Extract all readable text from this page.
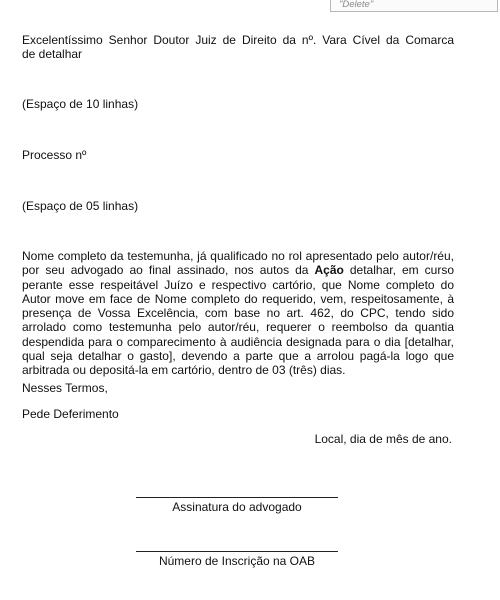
"Delete"

Excelentíssimo Senhor Doutor Juiz de Direito da nº. Vara Cível da Comarca
de detalhar

(Espaço de 10 linhas)

Processo nº

(Espaço de 05 linhas)

Nome completo da testemunha, já qualificado no rol apresentado pelo autor/réu, por seu advogado ao final assinado, nos autos da Ação detalhar, em curso perante esse respeitável Juízo e respectivo cartório, que Nome completo do Autor move em face de Nome completo do requerido, vem, respeitosamente, à presença de Vossa Excelência, com base no art. 462, do CPC, tendo sido arrolado como testemunha pelo autor/réu, requerer o reembolso da quantia despendida para o comparecimento à audiência designada para o dia [detalhar, qual seja detalhar o gasto], devendo a parte que a arrolou pagá-la logo que arbitrada ou depositá-la em cartório, dentro de 03 (três) dias.

Nesses Termos,

Pede Deferimento

Local, dia de mês de ano.

Assinatura do advogado

Número de Inscrição na OAB
